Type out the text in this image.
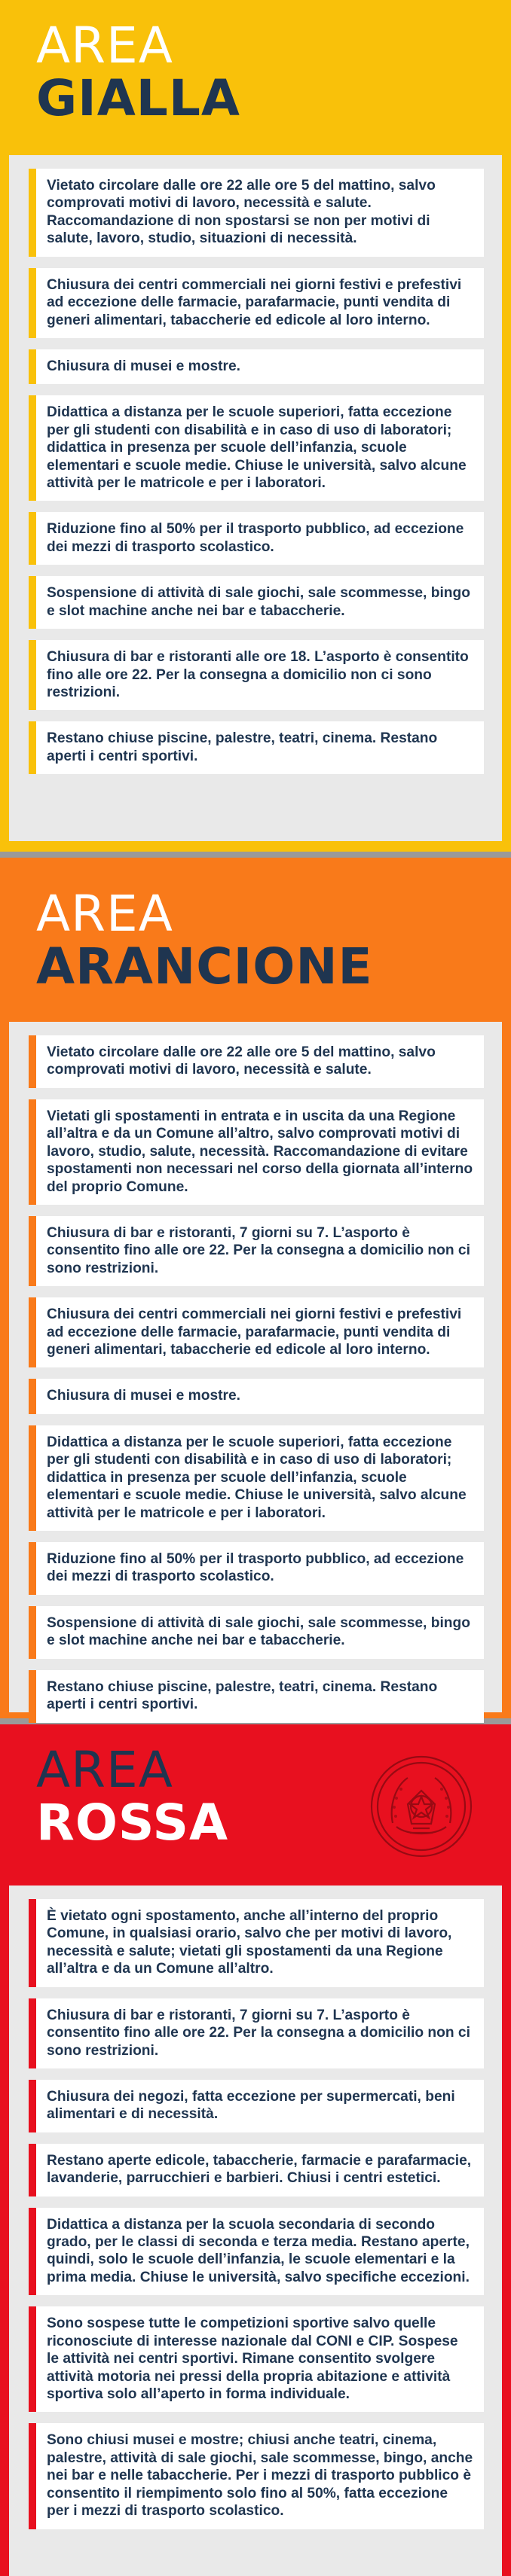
AREA
GIALLA
Vietato circolare dalle ore 22 alle ore 5 del mattino, salvo comprovati motivi di lavoro, necessità e salute. Raccomandazione di non spostarsi se non per motivi di salute, lavoro, studio, situazioni di necessità.
Chiusura dei centri commerciali nei giorni festivi e prefestivi ad eccezione delle farmacie, parafarmacie, punti vendita di generi alimentari, tabaccherie ed edicole al loro interno.
Chiusura di musei e mostre.
Didattica a distanza per le scuole superiori, fatta eccezione per gli studenti con disabilità e in caso di uso di laboratori; didattica in presenza per scuole dell’infanzia, scuole elementari e scuole medie. Chiuse le università, salvo alcune attività per le matricole e per i laboratori.
Riduzione fino al 50% per il trasporto pubblico, ad eccezione dei mezzi di trasporto scolastico.
Sospensione di attività di sale giochi, sale scommesse, bingo e slot machine anche nei bar e tabaccherie.
Chiusura di bar e ristoranti alle ore 18. L’asporto è consentito fino alle ore 22. Per la consegna a domicilio non ci sono restrizioni.
Restano chiuse piscine, palestre, teatri, cinema. Restano aperti i centri sportivi.
AREA
ARANCIONE
Vietato circolare dalle ore 22 alle ore 5 del mattino, salvo comprovati motivi di lavoro, necessità e salute.
Vietati gli spostamenti in entrata e in uscita da una Regione all’altra e da un Comune all’altro, salvo comprovati motivi di lavoro, studio, salute, necessità. Raccomandazione di evitare spostamenti non necessari nel corso della giornata all’interno del proprio Comune.
Chiusura di bar e ristoranti, 7 giorni su 7. L’asporto è consentito fino alle ore 22. Per la consegna a domicilio non ci sono restrizioni.
Chiusura dei centri commerciali nei giorni festivi e prefestivi ad eccezione delle farmacie, parafarmacie, punti vendita di generi alimentari, tabaccherie ed edicole al loro interno.
Chiusura di musei e mostre.
Didattica a distanza per le scuole superiori, fatta eccezione per gli studenti con disabilità e in caso di uso di laboratori; didattica in presenza per scuole dell’infanzia, scuole elementari e scuole medie. Chiuse le università, salvo alcune attività per le matricole e per i laboratori.
Riduzione fino al 50% per il trasporto pubblico, ad eccezione dei mezzi di trasporto scolastico.
Sospensione di attività di sale giochi, sale scommesse, bingo e slot machine anche nei bar e tabaccherie.
Restano chiuse piscine, palestre, teatri, cinema. Restano aperti i centri sportivi.
AREA
ROSSA
È vietato ogni spostamento, anche all’interno del proprio Comune, in qualsiasi orario, salvo che per motivi di lavoro, necessità e salute; vietati gli spostamenti da una Regione all’altra e da un Comune all’altro.
Chiusura di bar e ristoranti, 7 giorni su 7. L’asporto è consentito fino alle ore 22. Per la consegna a domicilio non ci sono restrizioni.
Chiusura dei negozi, fatta eccezione per supermercati, beni alimentari e di necessità.
Restano aperte edicole, tabaccherie, farmacie e parafarmacie, lavanderie, parrucchieri e barbieri. Chiusi i centri estetici.
Didattica a distanza per la scuola secondaria di secondo grado, per le classi di seconda e terza media. Restano aperte, quindi, solo le scuole dell’infanzia, le scuole elementari e la prima media. Chiuse le università, salvo specifiche eccezioni.
Sono sospese tutte le competizioni sportive salvo quelle riconosciute di interesse nazionale dal CONI e CIP. Sospese le attività nei centri sportivi. Rimane consentito svolgere attività motoria nei pressi della propria abitazione e attività sportiva solo all’aperto in forma individuale.
Sono chiusi musei e mostre; chiusi anche teatri, cinema, palestre, attività di sale giochi, sale scommesse, bingo, anche nei bar e nelle tabaccherie. Per i mezzi di trasporto pubblico è consentito il riempimento solo fino al 50%, fatta eccezione per i mezzi di trasporto scolastico.
